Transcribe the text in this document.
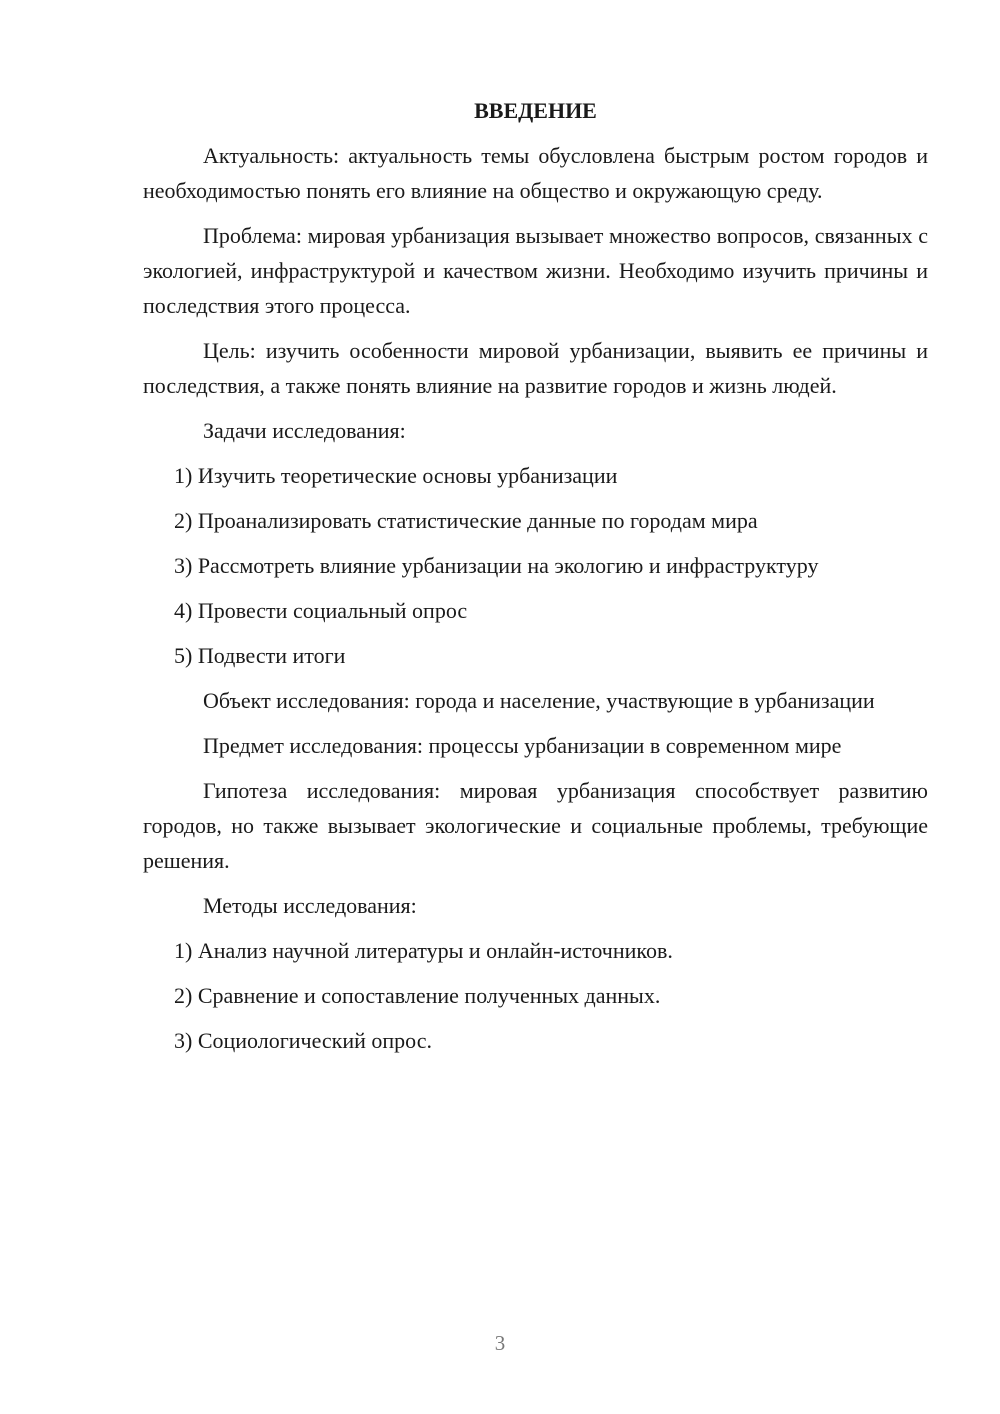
ВВЕДЕНИЕ

Актуальность: актуальность темы обусловлена быстрым ростом городов и необходимостью понять его влияние на общество и окружающую среду.

Проблема: мировая урбанизация вызывает множество вопросов, связанных с экологией, инфраструктурой и качеством жизни. Необходимо изучить причины и последствия этого процесса.

Цель: изучить особенности мировой урбанизации, выявить ее причины и последствия, а также понять влияние на развитие городов и жизнь людей.

Задачи исследования:

1) Изучить теоретические основы урбанизации
2) Проанализировать статистические данные по городам мира
3) Рассмотреть влияние урбанизации на экологию и инфраструктуру
4) Провести социальный опрос
5) Подвести итоги

Объект исследования: города и население, участвующие в урбанизации

Предмет исследования: процессы урбанизации в современном мире

Гипотеза исследования: мировая урбанизация способствует развитию городов, но также вызывает экологические и социальные проблемы, требующие решения.

Методы исследования:

1) Анализ научной литературы и онлайн-источников.
2) Сравнение и сопоставление полученных данных.
3) Социологический опрос.
3
